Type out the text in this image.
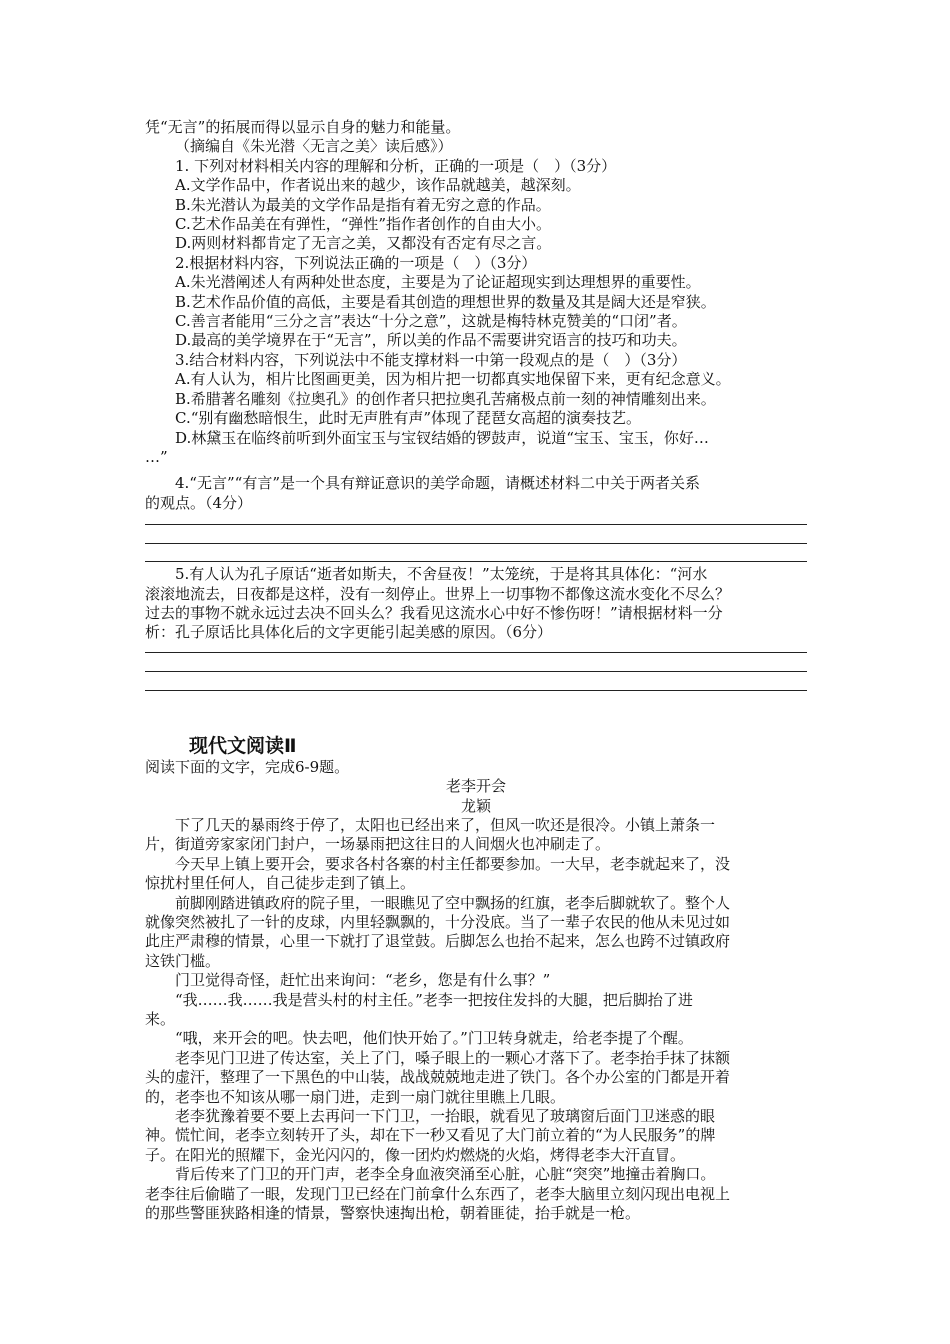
凭“无言”的拓展而得以显示自身的魅力和能量。
（摘编自《朱光潜〈无言之美〉读后感》）
1. 下列对材料相关内容的理解和分析，正确的一项是（　）（3分）
A.文学作品中，作者说出来的越少，该作品就越美，越深刻。
B.朱光潜认为最美的文学作品是指有着无穷之意的作品。
C.艺术作品美在有弹性，“弹性”指作者创作的自由大小。
D.两则材料都肯定了无言之美，又都没有否定有尽之言。
2.根据材料内容，下列说法正确的一项是（　）（3分）
A.朱光潜阐述人有两种处世态度，主要是为了论证超现实到达理想界的重要性。
B.艺术作品价值的高低，主要是看其创造的理想世界的数量及其是阔大还是窄狭。
C.善言者能用“三分之言”表达“十分之意”，这就是梅特林克赞美的“口闭”者。
D.最高的美学境界在于“无言”，所以美的作品不需要讲究语言的技巧和功夫。
3.结合材料内容，下列说法中不能支撑材料一中第一段观点的是（　）（3分）
A.有人认为，相片比图画更美，因为相片把一切都真实地保留下来，更有纪念意义。
B.希腊著名雕刻《拉奥孔》的创作者只把拉奥孔苦痛极点前一刻的神情雕刻出来。
C.“别有幽愁暗恨生，此时无声胜有声”体现了琵琶女高超的演奏技艺。
D.林黛玉在临终前听到外面宝玉与宝钗结婚的锣鼓声，说道“宝玉、宝玉，你好…
…”
4.“无言”“有言”是一个具有辩证意识的美学命题，请概述材料二中关于两者关系
的观点。（4分）
5.有人认为孔子原话“逝者如斯夫，不舍昼夜！”太笼统，于是将其具体化：“河水
滚滚地流去，日夜都是这样，没有一刻停止。世界上一切事物不都像这流水变化不尽么？
过去的事物不就永远过去决不回头么？我看见这流水心中好不惨伤呀！”请根据材料一分
析：孔子原话比具体化后的文字更能引起美感的原因。（6分）
现代文阅读Ⅱ
阅读下面的文字，完成6-9题。
老李开会
龙颖
下了几天的暴雨终于停了，太阳也已经出来了，但风一吹还是很冷。小镇上萧条一
片，街道旁家家闭门封户，一场暴雨把这往日的人间烟火也冲刷走了。
今天早上镇上要开会，要求各村各寨的村主任都要参加。一大早，老李就起来了，没
惊扰村里任何人，自己徒步走到了镇上。
前脚刚踏进镇政府的院子里，一眼瞧见了空中飘扬的红旗，老李后脚就软了。整个人
就像突然被扎了一针的皮球，内里轻飘飘的，十分没底。当了一辈子农民的他从未见过如
此庄严肃穆的情景，心里一下就打了退堂鼓。后脚怎么也抬不起来，怎么也跨不过镇政府
这铁门槛。
门卫觉得奇怪，赶忙出来询问：“老乡，您是有什么事？”
“我……我……我是营头村的村主任。”老李一把按住发抖的大腿，把后脚抬了进
来。
“哦，来开会的吧。快去吧，他们快开始了。”门卫转身就走，给老李提了个醒。
老李见门卫进了传达室，关上了门，嗓子眼上的一颗心才落下了。老李抬手抹了抹额
头的虚汗，整理了一下黑色的中山装，战战兢兢地走进了铁门。各个办公室的门都是开着
的，老李也不知该从哪一扇门进，走到一扇门就往里瞧上几眼。
老李犹豫着要不要上去再问一下门卫，一抬眼，就看见了玻璃窗后面门卫迷惑的眼
神。慌忙间，老李立刻转开了头，却在下一秒又看见了大门前立着的“为人民服务”的牌
子。在阳光的照耀下，金光闪闪的，像一团灼灼燃烧的火焰，烤得老李大汗直冒。
背后传来了门卫的开门声，老李全身血液突涌至心脏，心脏“突突”地撞击着胸口。
老李往后偷瞄了一眼，发现门卫已经在门前拿什么东西了，老李大脑里立刻闪现出电视上
的那些警匪狭路相逢的情景，警察快速掏出枪，朝着匪徒，抬手就是一枪。
